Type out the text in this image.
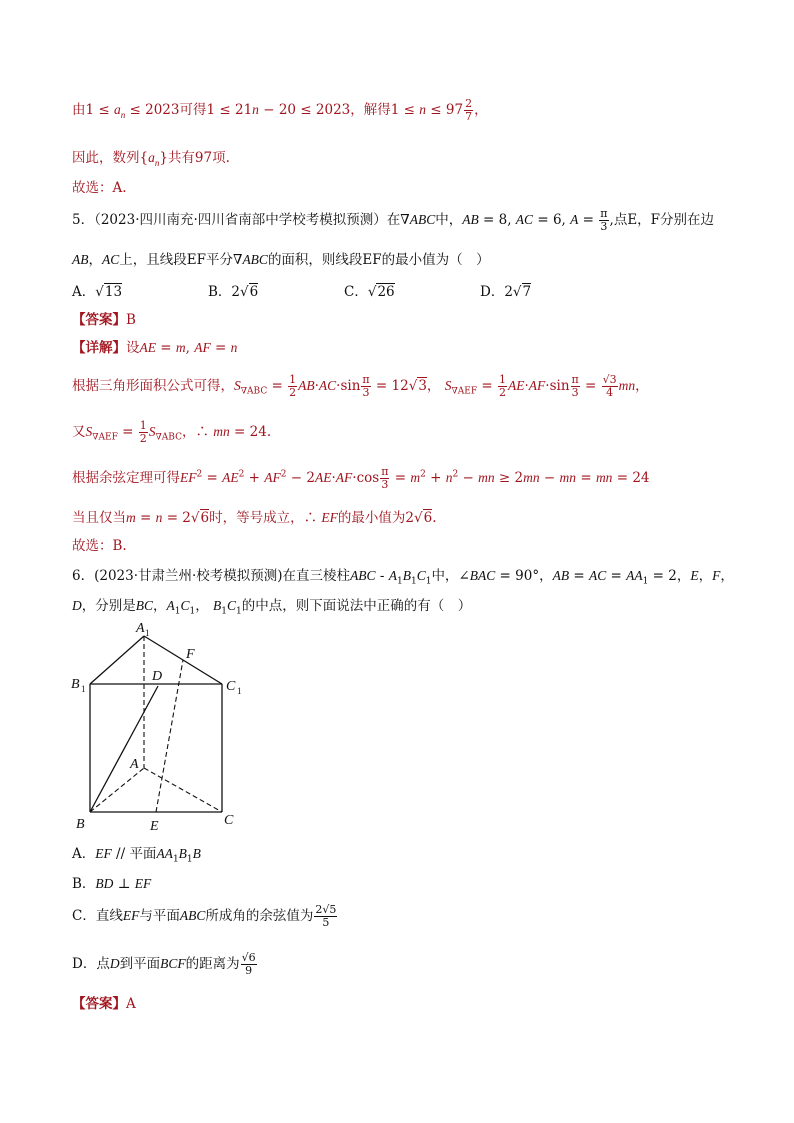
由$1 \le a_n \le 2023$可得1 ≤ 21n − 20 ≤ 2023，解得$1 \le n \le 97 \frac{2}{7}$ ，
因此，数列$\{a_n\}$共有97项.
故选：A.
5．（2023·四川南充·四川省南部中学校考模拟预测）在∇ABC中，AB = 8, AC = 6, $A = \frac{\pi}{3}$ ,点E，F分别在边
AB，AC上，且线段EF平分∇ABC的面积，则线段EF的最小值为（　）
A．√13	B．2√6	C．√26	D．2√7
【答案】B
【详解】设AE = m, AF = n
根据三角形面积公式可得，$S_{\nabla ABC} = \frac{1}{2} AB\cdot AC\cdot\sin \frac{\pi}{3} = 12√3$， $S_{\nabla AEF} = \frac{1}{2} AE\cdot AF\cdot\sin \frac{\pi}{3} = \frac{√3}{4}$ mn，
又$S_{\nabla AEF} = \frac{1}{2} S_{\nabla ABC}$，∴ mn = 24.
根据余弦定理可得$EF^2 = AE^2 + AF^2 - 2AE\cdot AF\cdot\cos \frac{\pi}{3} = m^2 + n^2$ − mn ≥ 2mn − mn = mn = 24
当且仅当m = n = 2√6时，等号成立，∴ EF的最小值为2√6.
故选：B.
6．(2023·甘肃兰州·校考模拟预测)在直三棱柱ABC - $A_1B_1C_1$中，∠BAC = 90°，AB = AC = $AA_1 = 2$，E，F，
D，分别是BC，$A_1C_1$， $B_1C_1$的中点，则下面说法中正确的有（　）
A 1
F
B 1
D
C 1
A
B	E	C
A．EF // 平面$AA_1B_1B$
B．BD ⊥ EF
C．直线EF与平面ABC所成角的余弦值为 $\frac{2√5}{5}$
D．点D到平面BCF的距离为 $\frac{√6}{9}$
【答案】A
